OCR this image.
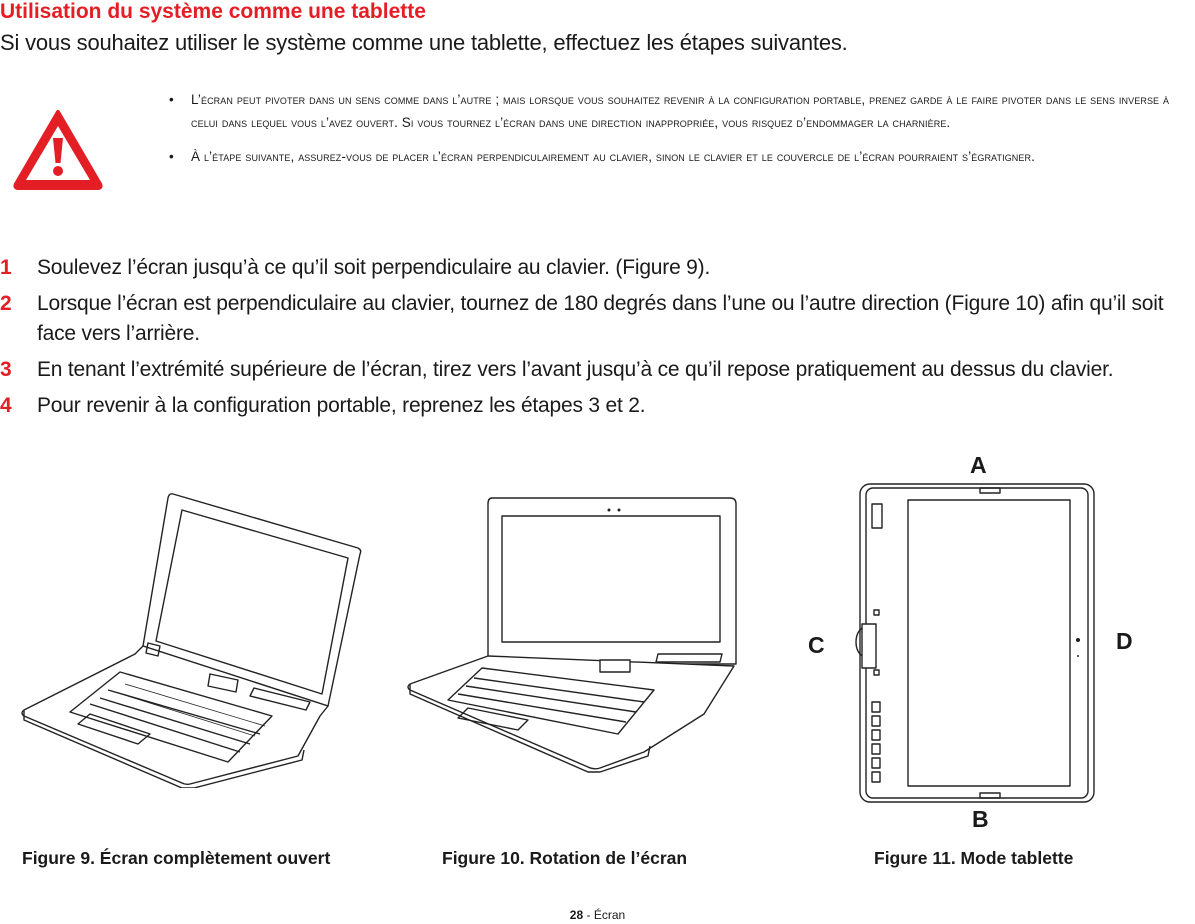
Utilisation du système comme une tablette
Si vous souhaitez utiliser le système comme une tablette, effectuez les étapes suivantes.
• L’écran peut pivoter dans un sens comme dans l’autre ; mais lorsque vous souhaitez revenir à la configuration portable, prenez garde à le faire pivoter dans le sens inverse à celui dans lequel vous l’avez ouvert. Si vous tournez l’écran dans une direction inappropriée, vous risquez d’endommager la charnière.
• À l’étape suivante, assurez-vous de placer l’écran perpendiculairement au clavier, sinon le clavier et le couvercle de l’écran pourraient s’égratigner.
1 Soulevez l’écran jusqu’à ce qu’il soit perpendiculaire au clavier. (Figure 9).
2 Lorsque l’écran est perpendiculaire au clavier, tournez de 180 degrés dans l’une ou l’autre direction (Figure 10) afin qu’il soit face vers l’arrière.
3 En tenant l’extrémité supérieure de l’écran, tirez vers l’avant jusqu’à ce qu’il repose pratiquement au dessus du clavier.
4 Pour revenir à la configuration portable, reprenez les étapes 3 et 2.
A
B
C	D
Figure 9. Écran complètement ouvert	Figure 10. Rotation de l’écran	Figure 11. Mode tablette
28 - Écran
